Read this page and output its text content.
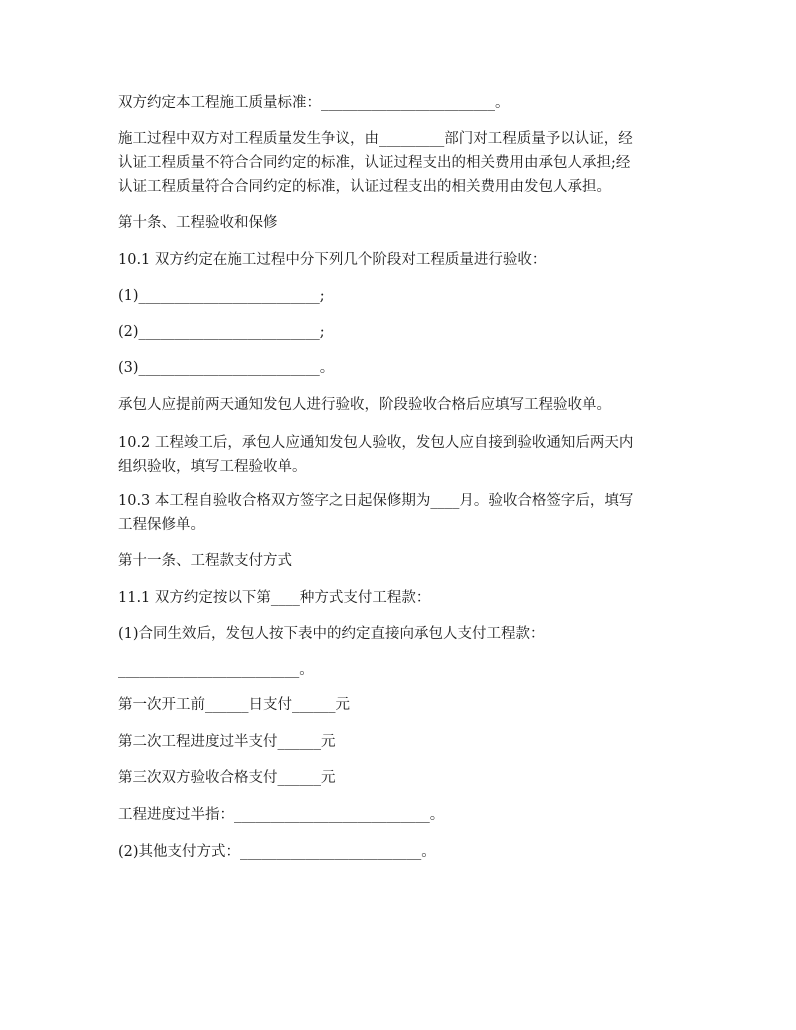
双方约定本工程施工质量标准：________________________。
施工过程中双方对工程质量发生争议，由_________部门对工程质量予以认证，经
认证工程质量不符合合同约定的标准，认证过程支出的相关费用由承包人承担;经
认证工程质量符合合同约定的标准，认证过程支出的相关费用由发包人承担。
第十条、工程验收和保修
10.1 双方约定在施工过程中分下列几个阶段对工程质量进行验收：
(1)_________________________;
(2)_________________________;
(3)_________________________。
承包人应提前两天通知发包人进行验收，阶段验收合格后应填写工程验收单。
10.2 工程竣工后，承包人应通知发包人验收，发包人应自接到验收通知后两天内
组织验收，填写工程验收单。
10.3 本工程自验收合格双方签字之日起保修期为____月。验收合格签字后，填写
工程保修单。
第十一条、工程款支付方式
11.1 双方约定按以下第____种方式支付工程款：
(1)合同生效后，发包人按下表中的约定直接向承包人支付工程款：
_________________________。
第一次开工前______日支付______元
第二次工程进度过半支付______元
第三次双方验收合格支付______元
工程进度过半指：___________________________。
(2)其他支付方式：_________________________。
